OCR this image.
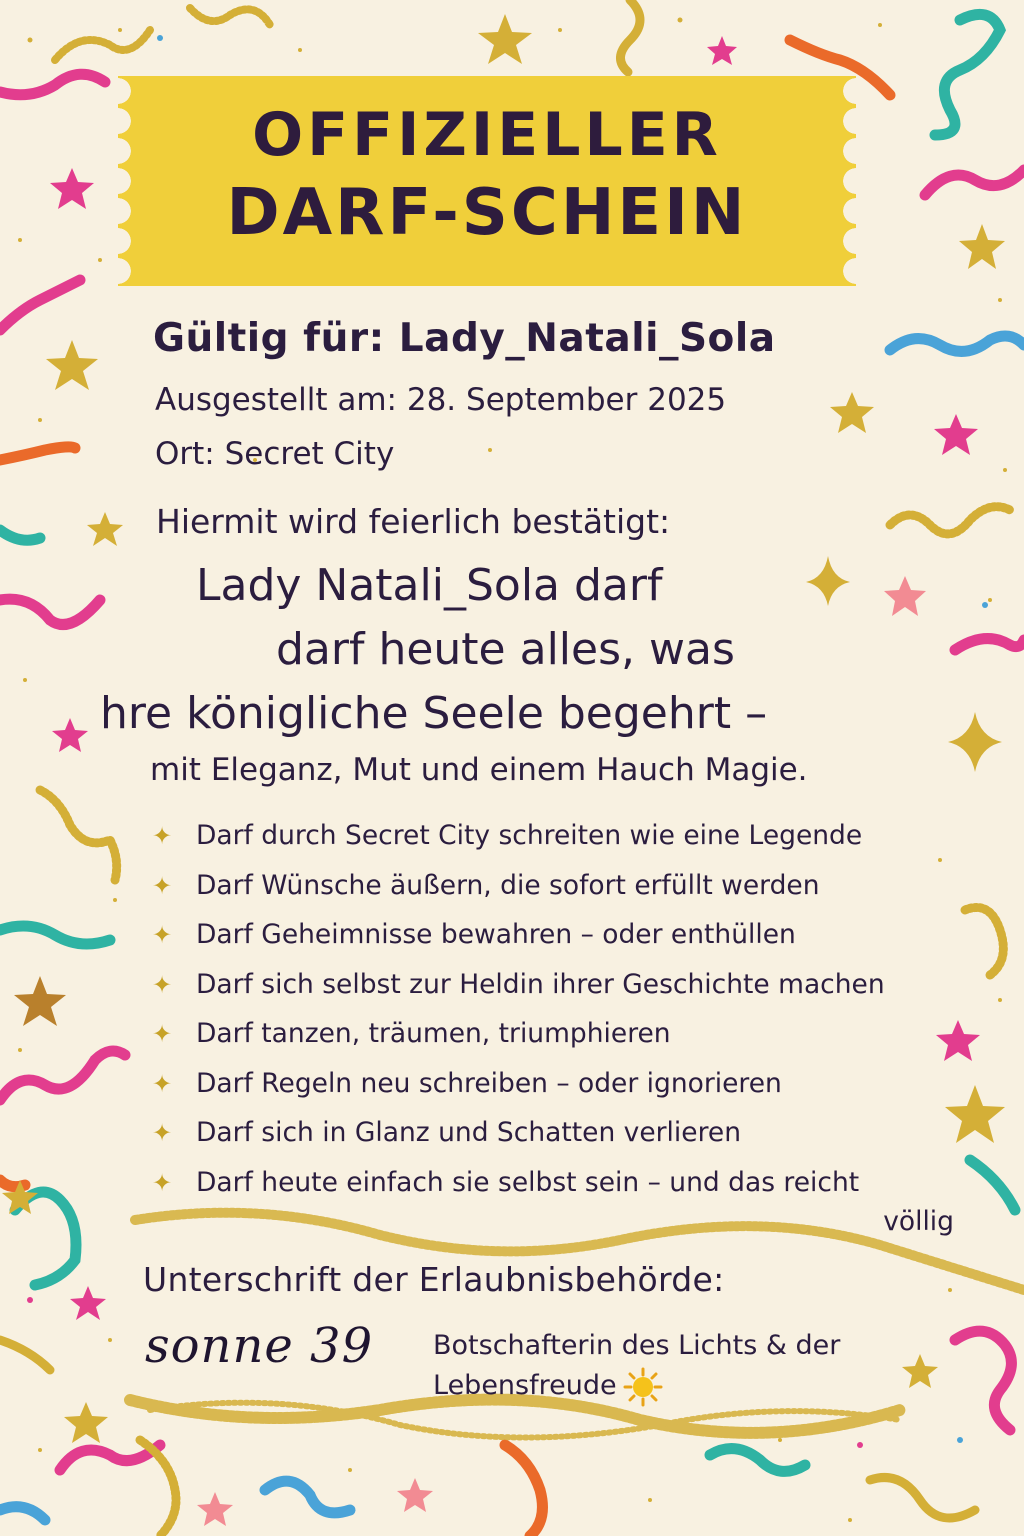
OFFIZIELLER
DARF-SCHEIN

Gültig für: Lady_Natali_Sola

Ausgestellt am: 28. September 2025

Ort: Secret City

Hiermit wird feierlich bestätigt:

Lady Natali_Sola darf

darf heute alles, was

hre königliche Seele begehrt –

mit Eleganz, Mut und einem Hauch Magie.

✦ Darf durch Secret City schreiten wie eine Legende
✦ Darf Wünsche äußern, die sofort erfüllt werden
✦ Darf Geheimnisse bewahren – oder enthüllen
✦ Darf sich selbst zur Heldin ihrer Geschichte machen
✦ Darf tanzen, träumen, triumphieren
✦ Darf Regeln neu schreiben – oder ignorieren
✦ Darf sich in Glanz und Schatten verlieren
✦ Darf heute einfach sie selbst sein – und das reicht

völlig

Unterschrift der Erlaubnisbehörde:

sonne 39 Botschafterin des Lichts & der
Lebensfreude
